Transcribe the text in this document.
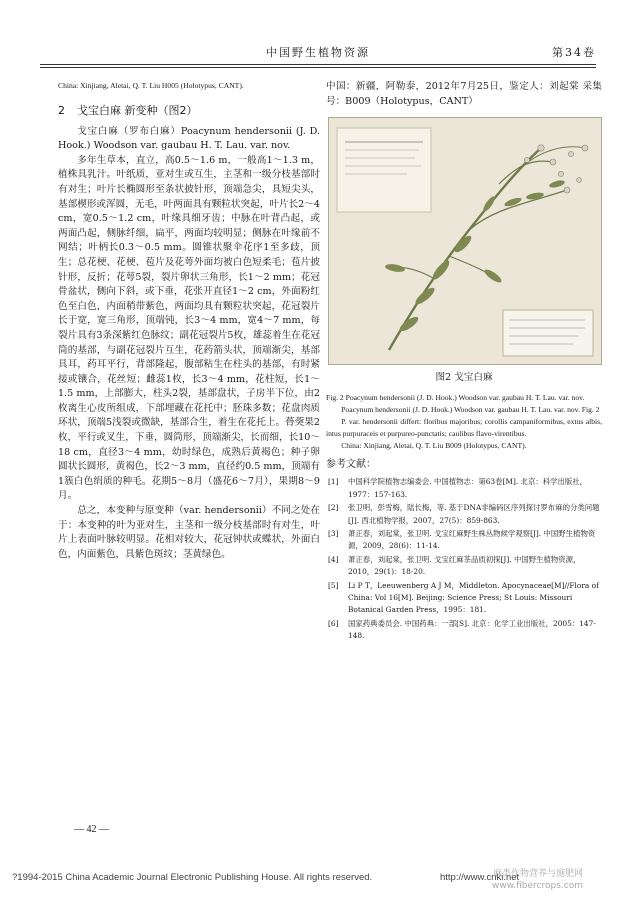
中国野生植物资源	第34卷

China: Xinjiang, Aletai, Q. T. Liu H005 (Holotypus, CANT).

2 戈宝白麻 新变种（图2）

戈宝白麻（罗布白麻）Poacynum hendersonii (J. D. Hook.) Woodson var. gaubau H. T. Lau. var. nov.

多年生草本，直立，高0.5～1.6 m，一般高1～1.3 m，植株具乳汁。叶纸质，亚对生或互生，主茎和一级分枝基部时有对生；叶片长椭圆形至条状披针形，顶端急尖，具短尖头，基部楔形或浑圆，无毛，叶两面具有颗粒状突起，叶片长2～4 cm，宽0.5～1.2 cm，叶缘具细牙齿；中脉在叶背凸起，或两面凸起，侧脉纤细，扁平，两面均较明显；侧脉在叶缘前不网结；叶柄长0.3～0.5 mm。圆锥状聚伞花序1至多歧，顶生；总花梗、花梗、苞片及花萼外面均被白色短柔毛；苞片披针形，反折；花萼5裂，裂片卵状三角形，长1～2 mm；花冠骨盆状，侧向下斜，或下垂，花张开直径1～2 cm，外面粉红色至白色，内面稍带紫色，两面均具有颗粒状突起，花冠裂片长于宽，宽三角形，顶端钝，长3～4 mm，宽4～7 mm，每裂片具有3条深紫红色脉纹；副花冠裂片5枚，雄蕊着生在花冠筒的基部，与副花冠裂片互生，花药箭头状，顶端渐尖，基部具耳，药耳平行，背部隆起，腹部粘生在柱头的基部，有时紧接或镶合，花丝短；雌蕊1枚，长3～4 mm，花柱短，长1～1.5 mm，上部膨大，柱头2裂，基部盘状，子房半下位，由2枚离生心皮所组成，下部埋藏在花托中；胚珠多数；花盘肉质环状，顶端5浅裂或微缺，基部合生，着生在花托上。蓇葖果2枚，平行或叉生，下垂，圆筒形，顶端渐尖，长而细，长10～18 cm，直径3～4 mm，幼时绿色，成熟后黄褐色；种子卵圆状长圆形，黄褐色，长2～3 mm，直径约0.5 mm，顶端有1簇白色绢质的种毛。花期5～8月（盛花6～7月），果期8～9月。

总之，本变种与原变种（var. hendersonii）不同之处在于：本变种的叶为亚对生，主茎和一级分枝基部时有对生，叶片上表面叶脉较明显。花相对较大，花冠钟状或蝶状，外面白色，内面紫色，具紫色斑纹；茎黄绿色。

中国：新疆，阿勒泰，2012年7月25日，鉴定人：刘起棠 采集号：B009（Holotypus，CANT）

图2 戈宝白麻

Fig. 2 Poacynum hendersonii (J. D. Hook.) Woodson var. gaubau H. T. Lau. var. nov.

Poacynum hendersonii (J. D. Hook.) Woodson var. gaubau H. T. Lau. var. nov. Fig. 2

P. var. hendersonii differt: floribus majoribus; corollis campaniformibus, extus albis, intus purpuraceis et purpureo-punctatis; caulibus flavo-virentibus.

China: Xinjiang, Aletai, Q. T. Liu B009 (Holotypus, CANT).

参考文献：
[1] 中国科学院植物志编委会. 中国植物志：第63卷[M]. 北京：科学出版社，1977：157-163.
[2] 张卫明，彭雪梅，陆长梅，等. 基于DNA非编码区序列探讨罗布麻的分类问题[J]. 西北植物学报，2007，27(5)：859-863.
[3] 萧正春，刘起棠，张卫明. 戈宝红麻野生株丛物候学观察[J]. 中国野生植物资源，2009，28(6)：11-14.
[4] 萧正春，刘起棠，张卫明. 戈宝红麻茶品质初探[J]. 中国野生植物资源，2010，29(1)：18-20.
[5] Li P T，Leeuwenberg A J M，Middleton. Apocynaceae[M]//Flora of China: Vol 16[M]. Beijing: Science Press; St Louis: Missouri Botanical Garden Press，1995：181.
[6] 国家药典委员会. 中国药典：一部[S]. 北京：化学工业出版社，2005：147-148.
— 42 —
?1994-2015 China Academic Journal Electronic Publishing House. All rights reserved.	http://www.cnki.net
麻类作物营养与施肥网
www.fibercrops.com
